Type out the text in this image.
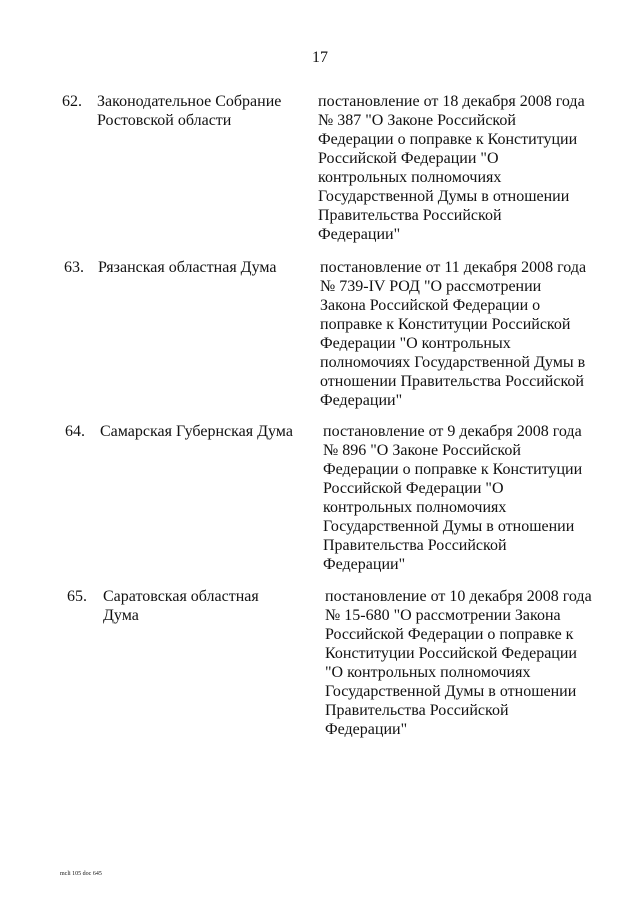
17
62. Законодательное Собрание
Ростовской области
постановление от 18 декабря 2008 года
№ 387 "О Законе Российской
Федерации о поправке к Конституции
Российской Федерации "О
контрольных полномочиях
Государственной Думы в отношении
Правительства Российской
Федерации"
63. Рязанская областная Дума	постановление от 11 декабря 2008 года
№ 739-IV РОД "О рассмотрении
Закона Российской Федерации о
поправке к Конституции Российской
Федерации "О контрольных
полномочиях Государственной Думы в
отношении Правительства Российской
Федерации"
64. Самарская Губернская Дума	постановление от 9 декабря 2008 года
№ 896 "О Законе Российской
Федерации о поправке к Конституции
Российской Федерации "О
контрольных полномочиях
Государственной Думы в отношении
Правительства Российской
Федерации"
65. Саратовская областная
Дума
постановление от 10 декабря 2008 года
№ 15-680 "О рассмотрении Закона
Российской Федерации о поправке к
Конституции Российской Федерации
"О контрольных полномочиях
Государственной Думы в отношении
Правительства Российской
Федерации"
mcli 105 doc 645
